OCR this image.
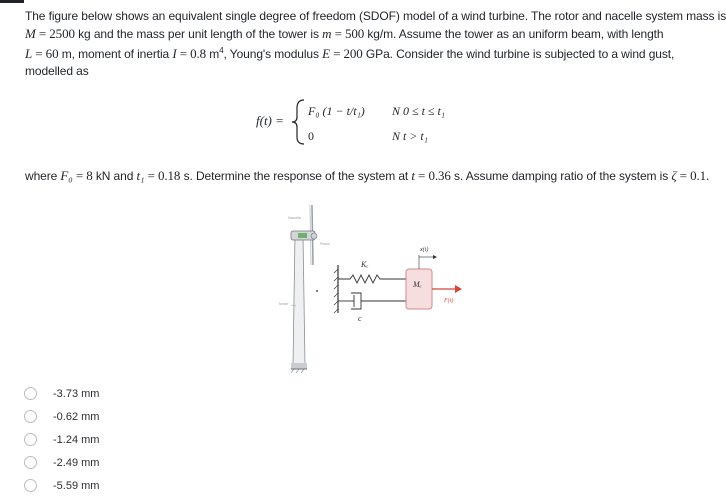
The figure below shows an equivalent single degree of freedom (SDOF) model of a wind turbine. The rotor and nacelle system mass is
M = 2500 kg and the mass per unit length of the tower is m = 500 kg/m. Assume the tower as an uniform beam, with length
L = 60 m, moment of inertia I = 0.8 $m^4$, Young's modulus E = 200 GPa. Consider the wind turbine is subjected to a wind gust,
modelled as
f(t) =
F₀ (1 − t/t₁) N 0 ≤ t ≤ t₁
0	N t > t₁
where F₀ = 8 kN and t₁ = 0.18 s. Determine the response of the system at t = 0.36 s. Assume damping ratio of the system is ζ = 0.1.
Nacelle
Rotor
Tower
Kₑ
c
Mₑ
x(t)
F(t)
-3.73 mm
-0.62 mm
-1.24 mm
-2.49 mm
-5.59 mm
